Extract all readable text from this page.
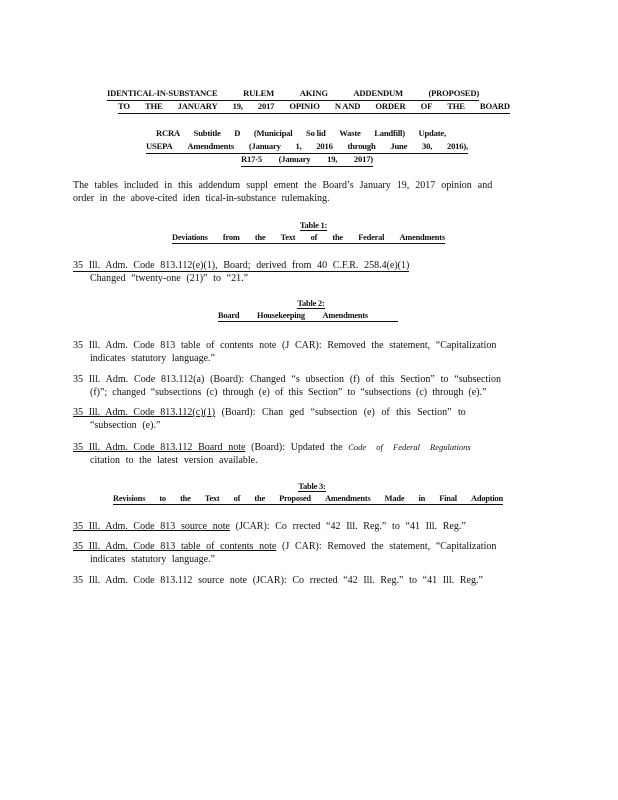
IDENTICAL-IN-SUBSTANCE	RULEM	AKING	ADDENDUM	(PROPOSED)
TO THE JANUARY 19, 2017 OPINIO N AND ORDER OF THE BOARD
RCRA Subtitle D (Municipal So lid Waste Landfill) Update,
USEPA Amendments (January 1, 2016 through June 30, 2016),
R17-5 (January 19, 2017)
The tables included in this addendum suppl ement the Board’s January 19, 2017 opinion and
order in the above-cited iden tical-in-substance rulemaking.
Table 1:
Deviations from the Text of the Federal Amendments
35 Ill. Adm. Code 813.112(e)(1), Board; derived from 40 C.F.R. 258.4(e)(1)
Changed “twenty-one (21)” to “21.”
Table 2:
Board Housekeeping Amendments
35 Ill. Adm. Code 813 table of contents note (J CAR): Removed the statement, “Capitalization
indicates statutory language.”
35 Ill. Adm. Code 813.112(a) (Board): Changed “s ubsection (f) of this Section” to “subsection
(f)”; changed “subsections (c) through (e) of this Section” to “subsections (c) through (e).”
35 Ill. Adm. Code 813.112(c)(1) (Board): Chan ged “subsection (e) of this Section” to
“subsection (e).”
35 Ill. Adm. Code 813.112 Board note (Board): Updated the Code of Federal Regulations
citation to the latest version available.
Table 3:
Revisions to the Text of the Proposed Amendments Made in Final Adoption
35 Ill. Adm. Code 813 source note (JCAR): Co rrected “42 Ill. Reg.” to “41 Ill. Reg.”
35 Ill. Adm. Code 813 table of contents note (J CAR): Removed the statement, “Capitalization
indicates statutory language.”
35 Ill. Adm. Code 813.112 source note (JCAR): Co rrected “42 Ill. Reg.” to “41 Ill. Reg.”
